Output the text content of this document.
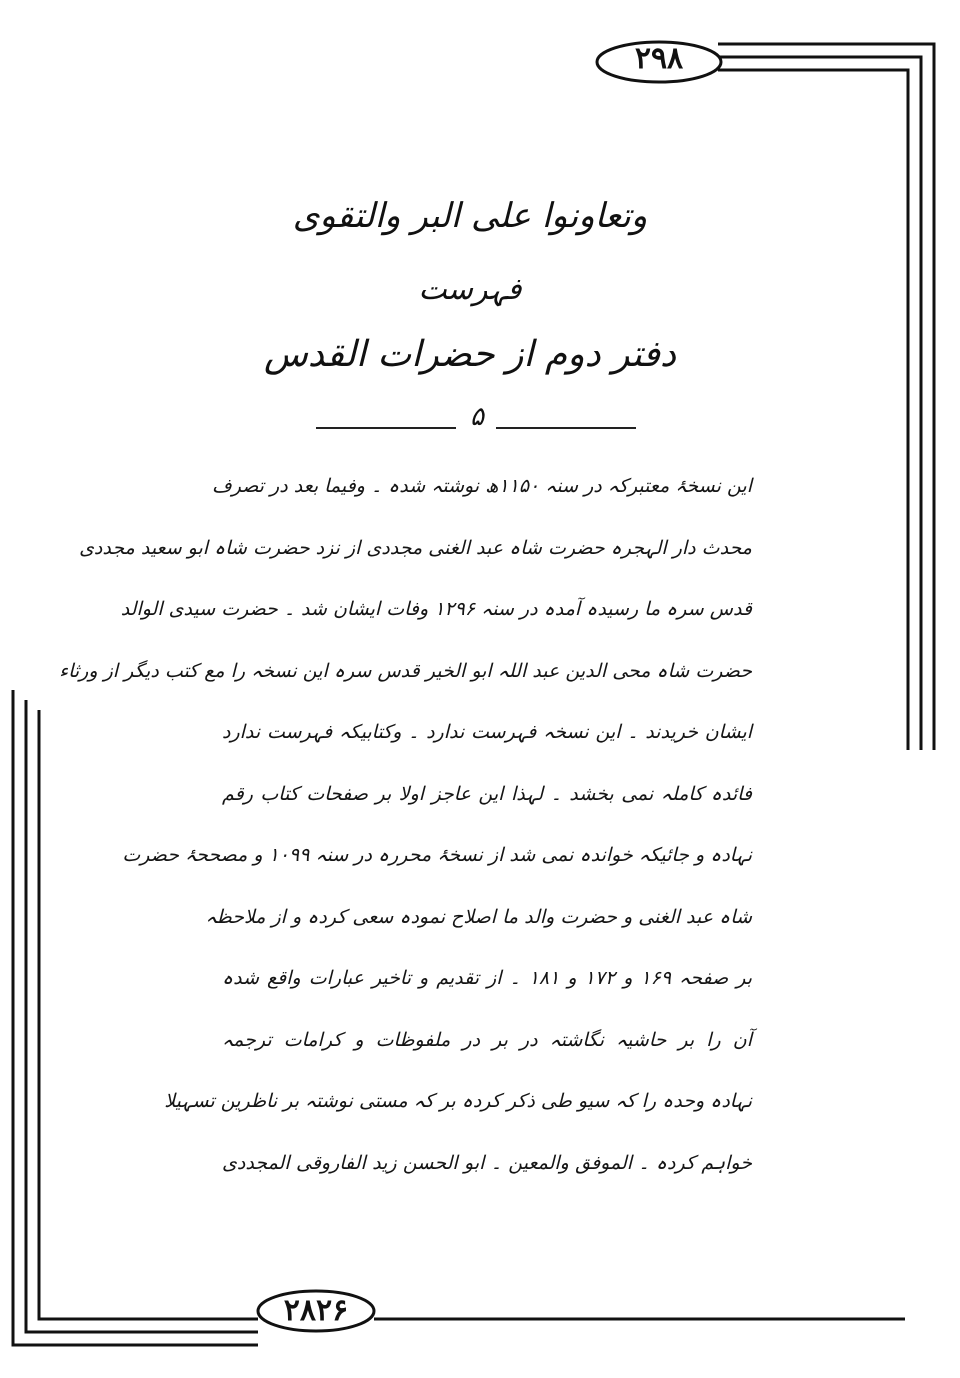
۲۹۸
۲۸۲۶
وتعاونوا على البر والتقوى
فہرست
دفتر دوم از حضرات القدس
۵
این نسخۂ معتبرکہ در سنہ ۱۱۵۰ھ نوشتہ شدہ ۔ وفیما بعد در تصرف
محدث دار الہجرہ حضرت شاہ عبد الغنی مجددی از نزد حضرت شاہ ابو سعید مجددی
قدس سرہ ما رسیدہ آمدہ در سنہ ۱۲۹۶ وفات ایشان شد ۔ حضرت سیدی الوالد
حضرت شاہ محی الدین عبد اللہ ابو الخیر قدس سرہ این نسخہ را مع کتب دیگر از ورثاء
ایشان خریدند ۔ این نسخہ فہرست ندارد ۔ وکتابیکہ فہرست ندارد
فائدہ کاملہ نمی بخشد ۔ لہذا این عاجز اولا بر صفحات کتاب رقم
نہادہ و جائیکہ خواندہ نمی شد از نسخۂ محررہ در سنہ ۱۰۹۹ و مصححۂ حضرت
شاہ عبد الغنی و حضرت والد ما اصلاح نمودہ سعی کردہ و از ملاحظہ
بر صفحہ ۱۶۹ و ۱۷۲ و ۱۸۱ ۔ از تقدیم و تاخیر عبارات واقع شدہ
آن را بر حاشیہ نگاشتہ در بر در ملفوظات و کرامات ترجمہ
نہادہ وحدہ را کہ سیو طی ذکر کردہ بر کہ مستی نوشتہ بر ناظرین تسہیلا
خواہم کردہ ۔ الموفق والمعین ۔ ابو الحسن زید الفاروقی المجددی
